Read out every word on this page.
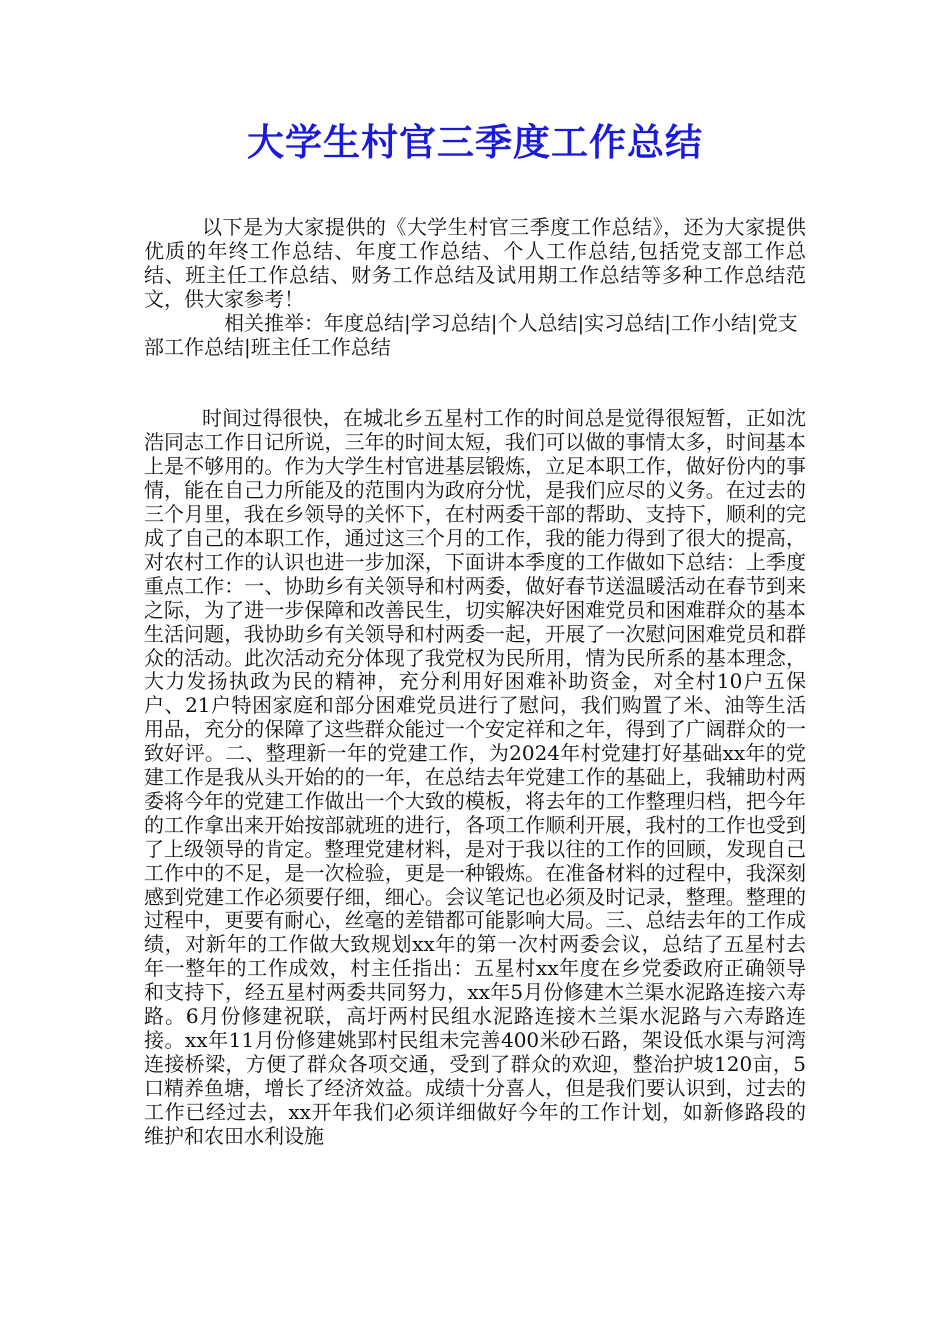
大学生村官三季度工作总结

以下是为大家提供的《大学生村官三季度工作总结》，还为大家提供优质的年终工作总结、年度工作总结、个人工作总结,包括党支部工作总结、班主任工作总结、财务工作总结及试用期工作总结等多种工作总结范文，供大家参考！

相关推举：年度总结|学习总结|个人总结|实习总结|工作小结|党支部工作总结|班主任工作总结

时间过得很快，在城北乡五星村工作的时间总是觉得很短暂，正如沈浩同志工作日记所说，三年的时间太短，我们可以做的事情太多，时间基本上是不够用的。作为大学生村官进基层锻炼，立足本职工作，做好份内的事情，能在自己力所能及的范围内为政府分忧，是我们应尽的义务。在过去的三个月里，我在乡领导的关怀下，在村两委干部的帮助、支持下，顺利的完成了自己的本职工作，通过这三个月的工作，我的能力得到了很大的提高，对农村工作的认识也进一步加深，下面讲本季度的工作做如下总结：上季度重点工作：一、协助乡有关领导和村两委，做好春节送温暖活动在春节到来之际，为了进一步保障和改善民生，切实解决好困难党员和困难群众的基本生活问题，我协助乡有关领导和村两委一起，开展了一次慰问困难党员和群众的活动。此次活动充分体现了我党权为民所用，情为民所系的基本理念，大力发扬执政为民的精神，充分利用好困难补助资金，对全村10户五保户、21户特困家庭和部分困难党员进行了慰问，我们购置了米、油等生活用品，充分的保障了这些群众能过一个安定祥和之年，得到了广阔群众的一致好评。二、整理新一年的党建工作，为2024年村党建打好基础xx年的党建工作是我从头开始的的一年，在总结去年党建工作的基础上，我辅助村两委将今年的党建工作做出一个大致的模板，将去年的工作整理归档，把今年的工作拿出来开始按部就班的进行，各项工作顺利开展，我村的工作也受到了上级领导的肯定。整理党建材料，是对于我以往的工作的回顾，发现自己工作中的不足，是一次检验，更是一种锻炼。在准备材料的过程中，我深刻感到党建工作必须要仔细，细心。会议笔记也必须及时记录，整理。整理的过程中，更要有耐心，丝毫的差错都可能影响大局。三、总结去年的工作成绩，对新年的工作做大致规划xx年的第一次村两委会议，总结了五星村去年一整年的工作成效，村主任指出：五星村xx年度在乡党委政府正确领导和支持下，经五星村两委共同努力，xx年5月份修建木兰渠水泥路连接六寿路。6月份修建祝联，高圩两村民组水泥路连接木兰渠水泥路与六寿路连接。xx年11月份修建姚郢村民组未完善400米砂石路，架设低水渠与河湾连接桥梁，方便了群众各项交通，受到了群众的欢迎，整治护坡120亩，5口精养鱼塘，增长了经济效益。成绩十分喜人，但是我们要认识到，过去的工作已经过去，xx开年我们必须详细做好今年的工作计划，如新修路段的维护和农田水利设施
